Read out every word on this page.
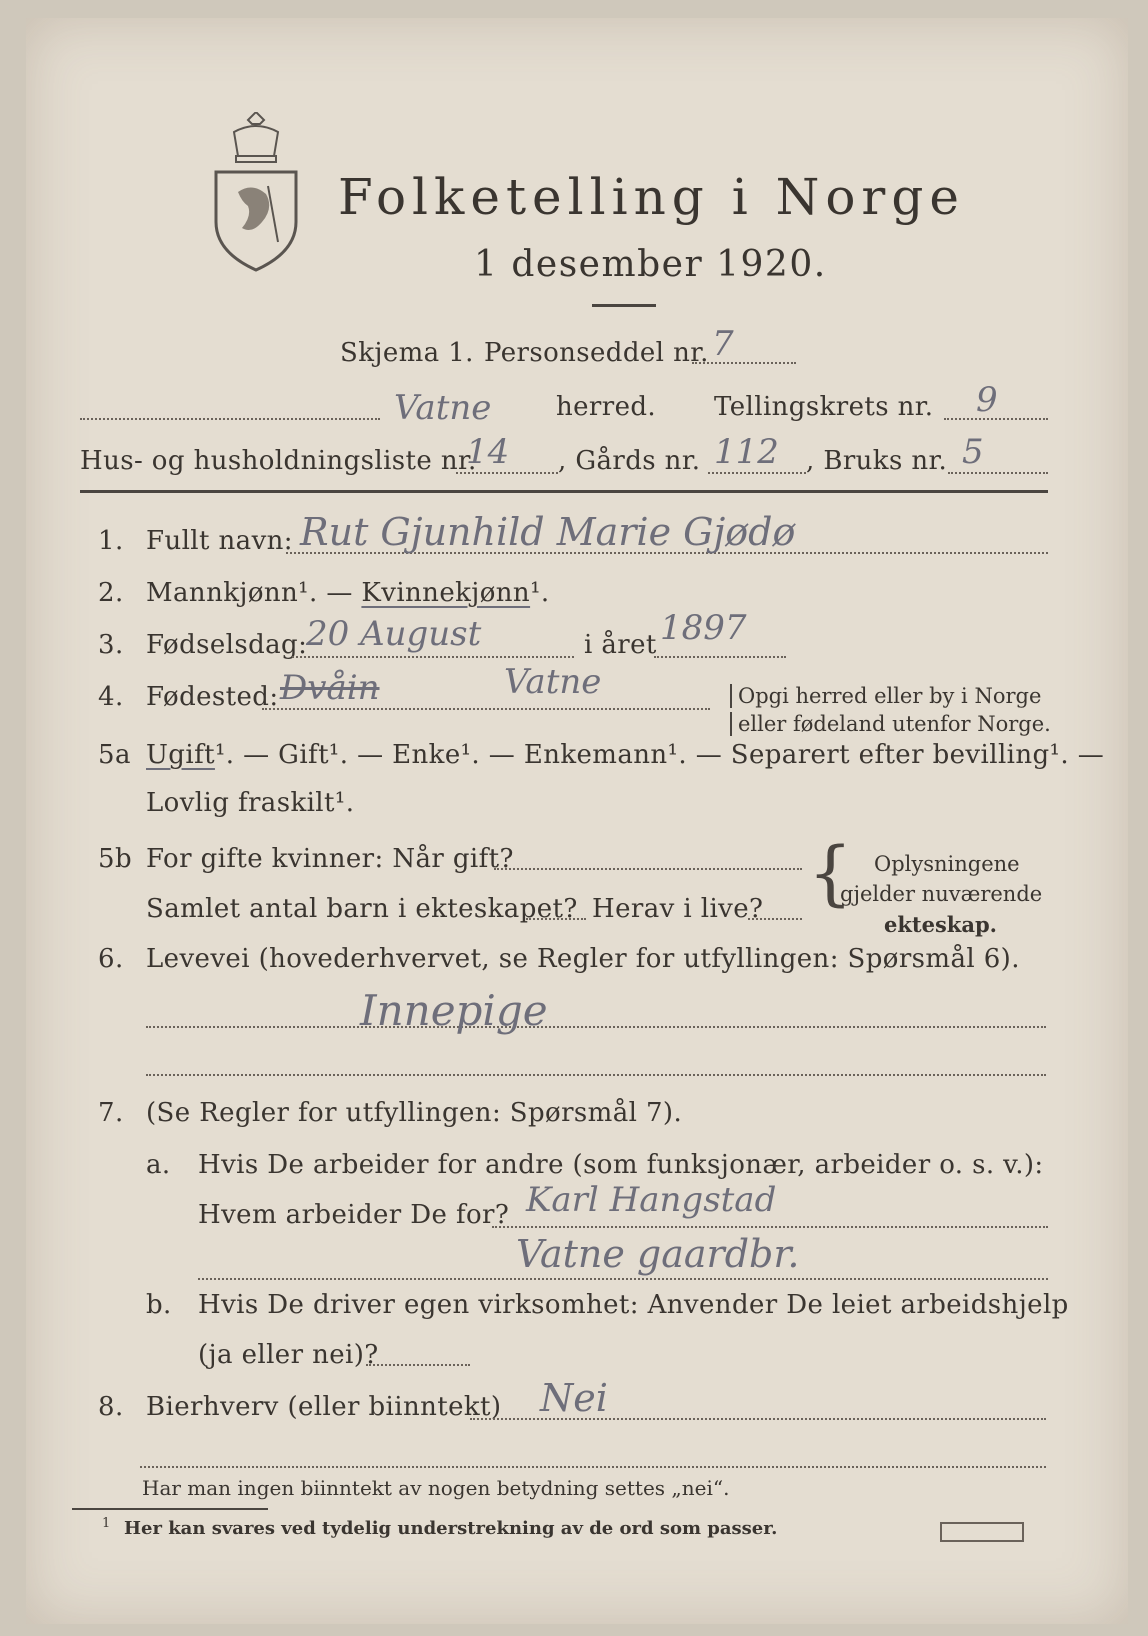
Folketelling i Norge
1 desember 1920.
Skjema 1. Personseddel nr. 7
Vatne herred. Tellingskrets nr. 9
Hus- og husholdningsliste nr.
14 , Gårds nr. 112 , Bruks nr. 5
1. Fullt navn: Rut Gjunhild Marie Gjødø
2. Mannkjønn¹. — Kvinnekjønn¹.
3. Fødselsdag:
20 August	i året 1897
4. Fødested: Dvåin	Vatne	Opgi herred eller by i Norge
eller fødeland utenfor Norge.
5a Ugift¹. — Gift¹. — Enke¹. — Enkemann¹. — Separert efter bevilling¹. —
Lovlig fraskilt¹.
5b For gifte kvinner: Når gift?
Samlet antal barn i ekteskapet? Herav i live? { Oplysningene
gjelder nuværende
ekteskap.
6. Levevei (hovederhvervet, se Regler for utfyllingen: Spørsmål 6).
Innepige
7. (Se Regler for utfyllingen: Spørsmål 7).
a. Hvis De arbeider for andre (som funksjonær, arbeider o. s. v.):
Hvem arbeider De for? Karl Hangstad
Vatne gaardbr.
b. Hvis De driver egen virksomhet: Anvender De leiet arbeidshjelp
(ja eller nei)?
8. Bierhverv (eller biinntekt) Nei
Har man ingen biinntekt av nogen betydning settes „nei“.
1 Her kan svares ved tydelig understrekning av de ord som passer.
